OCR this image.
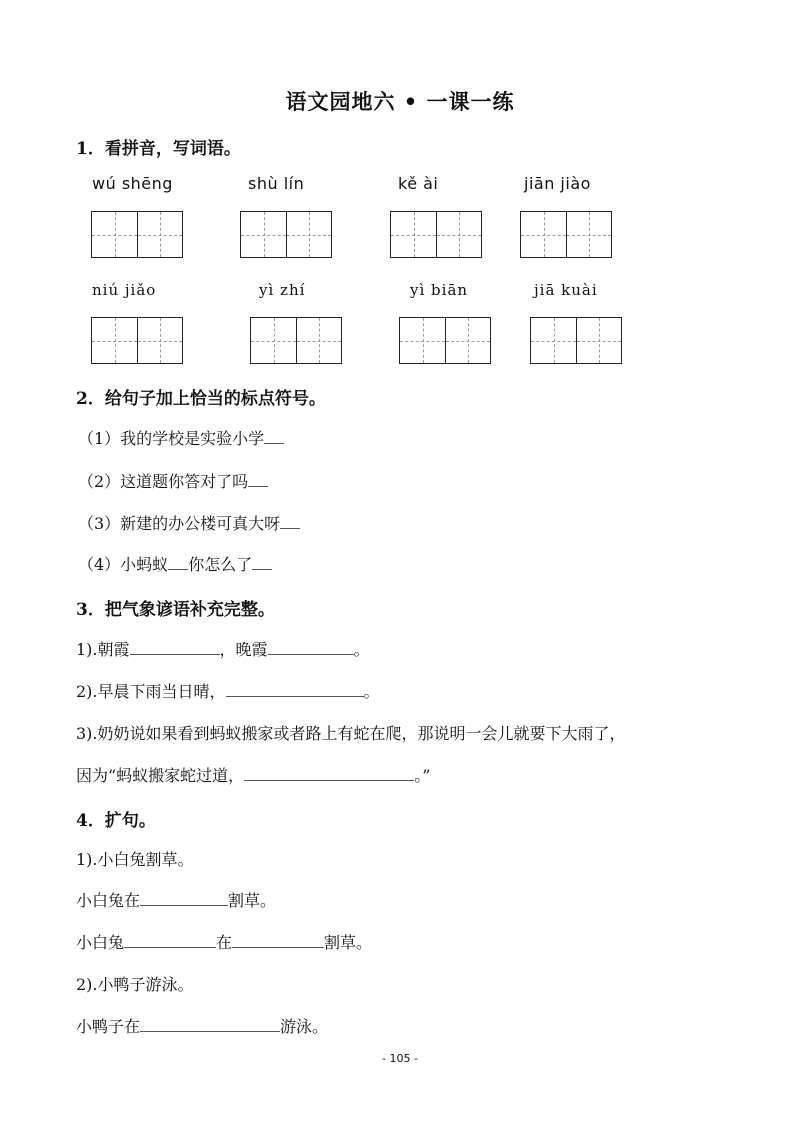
语文园地六 • 一课一练
1．看拼音，写词语。
wú shēng	shù lín	kě ài	jiān jiào
niú jiǎo	yì zhí	yì biān	jiā kuài
2．给句子加上恰当的标点符号。
（1）我的学校是实验小学
（2）这道题你答对了吗
（3）新建的办公楼可真大呀
（4）小蚂蚁 你怎么了
3．把气象谚语补充完整。
1).朝霞	，晚霞	。
2).早晨下雨当日晴，	。
3).奶奶说如果看到蚂蚁搬家或者路上有蛇在爬，那说明一会儿就要下大雨了，
因为“蚂蚁搬家蛇过道，	。”
4．扩句。
1).小白兔割草。
小白兔在	割草。
小白兔	在	割草。
2).小鸭子游泳。
小鸭子在	游泳。
- 105 -
